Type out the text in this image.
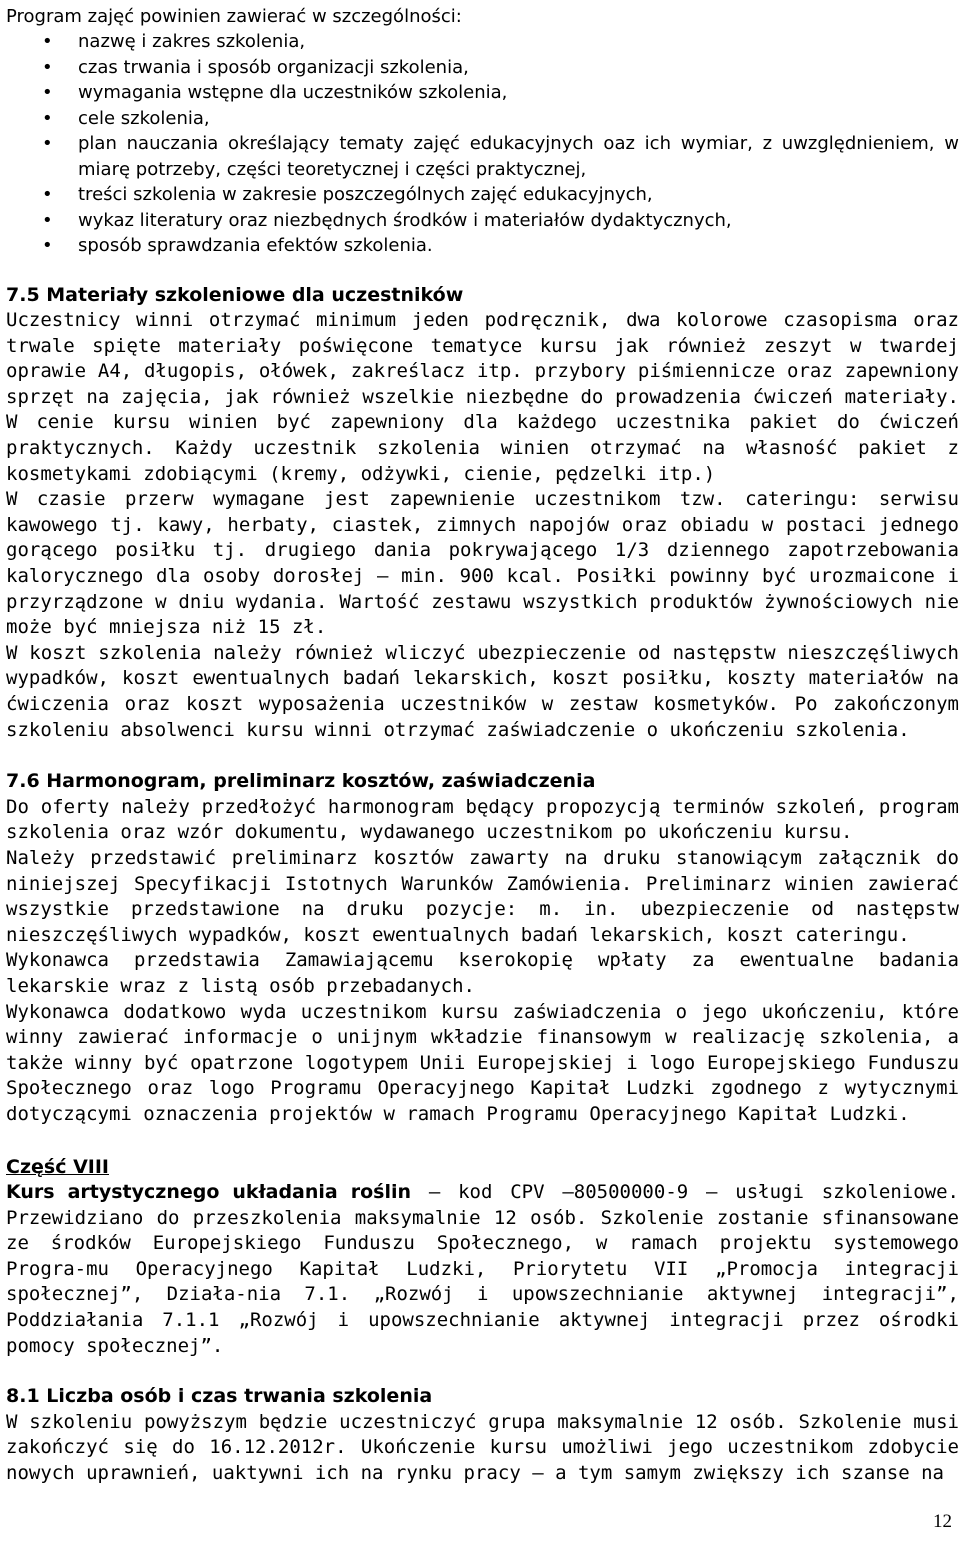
Program zajęć powinien zawierać w szczególności:

• nazwę i zakres szkolenia,
• czas trwania i sposób organizacji szkolenia,
• wymagania wstępne dla uczestników szkolenia,
• cele szkolenia,
• plan nauczania określający tematy zajęć edukacyjnych oaz ich wymiar, z uwzględnieniem, w miarę potrzeby, części teoretycznej i części praktycznej,
• treści szkolenia w zakresie poszczególnych zajęć edukacyjnych,
• wykaz literatury oraz niezbędnych środków i materiałów dydaktycznych,
• sposób sprawdzania efektów szkolenia.
7.5 Materiały szkoleniowe dla uczestników

Uczestnicy winni otrzymać minimum jeden podręcznik, dwa kolorowe czasopisma oraz trwale spięte materiały poświęcone tematyce kursu jak również zeszyt w twardej oprawie A4, długopis, ołówek, zakreślacz itp. przybory piśmiennicze oraz zapewniony sprzęt na zajęcia, jak również wszelkie niezbędne do prowadzenia ćwiczeń materiały. W cenie kursu winien być zapewniony dla każdego uczestnika pakiet do ćwiczeń praktycznych. Każdy uczestnik szkolenia winien otrzymać na własność pakiet z kosmetykami zdobiącymi (kremy, odżywki, cienie, pędzelki itp.)

W czasie przerw wymagane jest zapewnienie uczestnikom tzw. cateringu: serwisu kawowego tj. kawy, herbaty, ciastek, zimnych napojów oraz obiadu w postaci jednego gorącego posiłku tj. drugiego dania pokrywającego 1/3 dziennego zapotrzebowania kalorycznego dla osoby dorosłej – min. 900 kcal. Posiłki powinny być urozmaicone i przyrządzone w dniu wydania. Wartość zestawu wszystkich produktów żywnościowych nie może być mniejsza niż 15 zł.

W koszt szkolenia należy również wliczyć ubezpieczenie od następstw nieszczęśliwych wypadków, koszt ewentualnych badań lekarskich, koszt posiłku, koszty materiałów na ćwiczenia oraz koszt wyposażenia uczestników w zestaw kosmetyków. Po zakończonym szkoleniu absolwenci kursu winni otrzymać zaświadczenie o ukończeniu szkolenia.

7.6 Harmonogram, preliminarz kosztów, zaświadczenia

Do oferty należy przedłożyć harmonogram będący propozycją terminów szkoleń, program szkolenia oraz wzór dokumentu, wydawanego uczestnikom po ukończeniu kursu.

Należy przedstawić preliminarz kosztów zawarty na druku stanowiącym załącznik do niniejszej Specyfikacji Istotnych Warunków Zamówienia. Preliminarz winien zawierać wszystkie przedstawione na druku pozycje: m. in. ubezpieczenie od następstw nieszczęśliwych wypadków, koszt ewentualnych badań lekarskich, koszt cateringu.

Wykonawca przedstawia Zamawiającemu kserokopię wpłaty za ewentualne badania lekarskie wraz z listą osób przebadanych.

Wykonawca dodatkowo wyda uczestnikom kursu zaświadczenia o jego ukończeniu, które winny zawierać informacje o unijnym wkładzie finansowym w realizację szkolenia, a także winny być opatrzone logotypem Unii Europejskiej i logo Europejskiego Funduszu Społecznego oraz logo Programu Operacyjnego Kapitał Ludzki zgodnego z wytycznymi dotyczącymi oznaczenia projektów w ramach Programu Operacyjnego Kapitał Ludzki.

Część VIII

Kurs artystycznego układania roślin – kod CPV –80500000-9 – usługi szkoleniowe. Przewidziano do przeszkolenia maksymalnie 12 osób. Szkolenie zostanie sfinansowane ze środków Europejskiego Funduszu Społecznego, w ramach projektu systemowego Progra-mu Operacyjnego Kapitał Ludzki, Priorytetu VII „Promocja integracji społecznej”, Działa-nia 7.1. „Rozwój i upowszechnianie aktywnej integracji”, Poddziałania 7.1.1 „Rozwój i upowszechnianie aktywnej integracji przez ośrodki pomocy społecznej”.

8.1 Liczba osób i czas trwania szkolenia

W szkoleniu powyższym będzie uczestniczyć grupa maksymalnie 12 osób. Szkolenie musi zakończyć się do 16.12.2012r. Ukończenie kursu umożliwi jego uczestnikom zdobycie nowych uprawnień, uaktywni ich na rynku pracy – a tym samym zwiększy ich szanse na

12
